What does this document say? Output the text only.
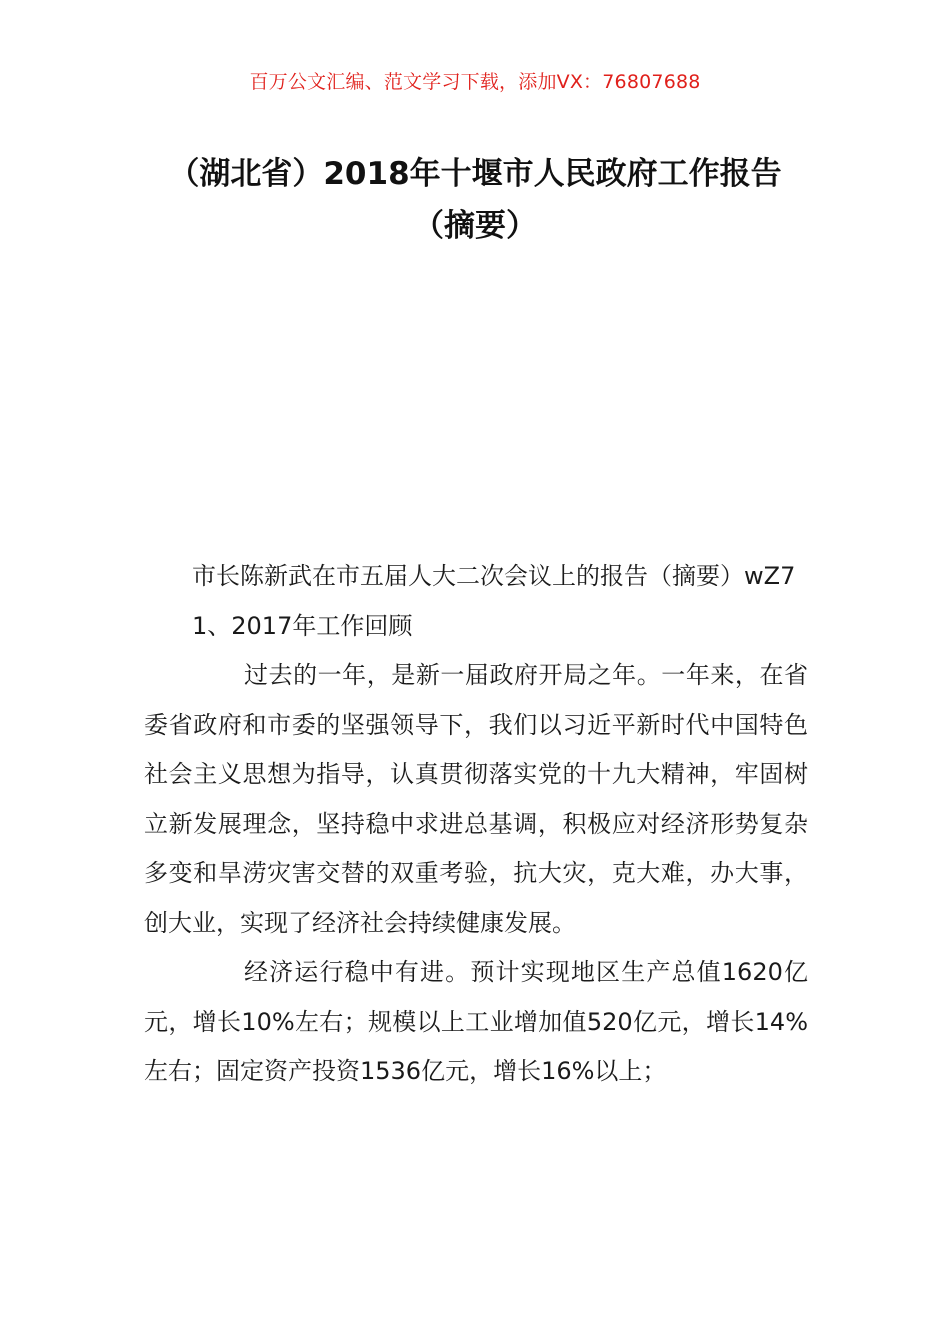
百万公文汇编、范文学习下载，添加VX：76807688
（湖北省）2018年十堰市人民政府工作报告（摘要）

市长陈新武在市五届人大二次会议上的报告（摘要）wZ7

1、2017年工作回顾

过去的一年，是新一届政府开局之年。一年来，在省委省政府和市委的坚强领导下，我们以习近平新时代中国特色社会主义思想为指导，认真贯彻落实党的十九大精神，牢固树立新发展理念，坚持稳中求进总基调，积极应对经济形势复杂多变和旱涝灾害交替的双重考验，抗大灾，克大难，办大事，创大业，实现了经济社会持续健康发展。

经济运行稳中有进。预计实现地区生产总值1620亿元，增长10%左右；规模以上工业增加值520亿元，增长14%左右；固定资产投资1536亿元，增长16%以上；
